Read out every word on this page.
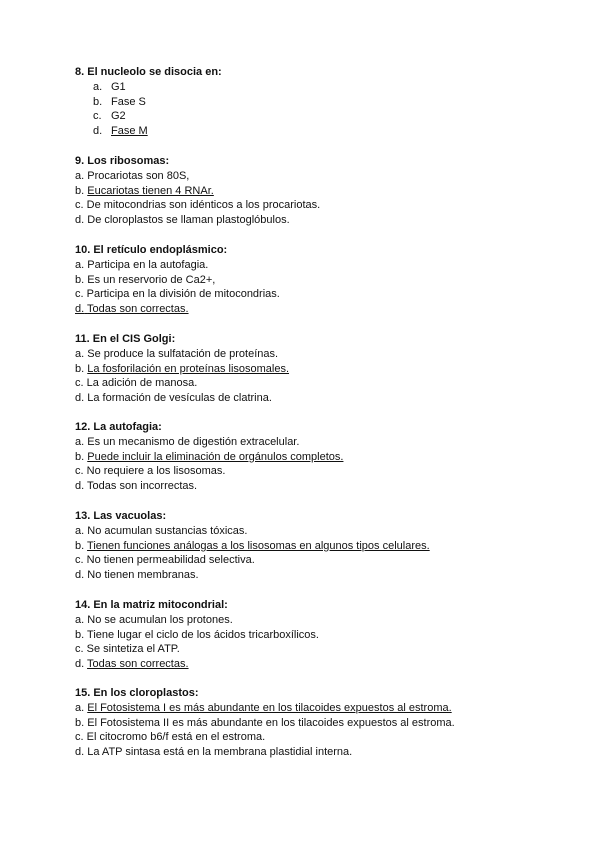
8. El nucleolo se disocia en:
a. G1
b. Fase S
c. G2
d. Fase M
9. Los ribosomas:
a. Procariotas son 80S,
b. Eucariotas tienen 4 RNAr.
c. De mitocondrias son idénticos a los procariotas.
d. De cloroplastos se llaman plastoglóbulos.
10. El retículo endoplásmico:
a. Participa en la autofagia.
b. Es un reservorio de Ca2+,
c. Participa en la división de mitocondrias.
d. Todas son correctas.
11. En el CIS Golgi:
a. Se produce la sulfatación de proteínas.
b. La fosforilación en proteínas lisosomales.
c. La adición de manosa.
d. La formación de vesículas de clatrina.
12. La autofagia:
a. Es un mecanismo de digestión extracelular.
b. Puede incluir la eliminación de orgánulos completos.
c. No requiere a los lisosomas.
d. Todas son incorrectas.
13. Las vacuolas:
a. No acumulan sustancias tóxicas.
b. Tienen funciones análogas a los lisosomas en algunos tipos celulares.
c. No tienen permeabilidad selectiva.
d. No tienen membranas.
14. En la matriz mitocondrial:
a. No se acumulan los protones.
b. Tiene lugar el ciclo de los ácidos tricarboxílicos.
c. Se sintetiza el ATP.
d. Todas son correctas.
15. En los cloroplastos:
a. El Fotosistema I es más abundante en los tilacoides expuestos al estroma.
b. El Fotosistema II es más abundante en los tilacoides expuestos al estroma.
c. El citocromo b6/f está en el estroma.
d. La ATP sintasa está en la membrana plastidial interna.
